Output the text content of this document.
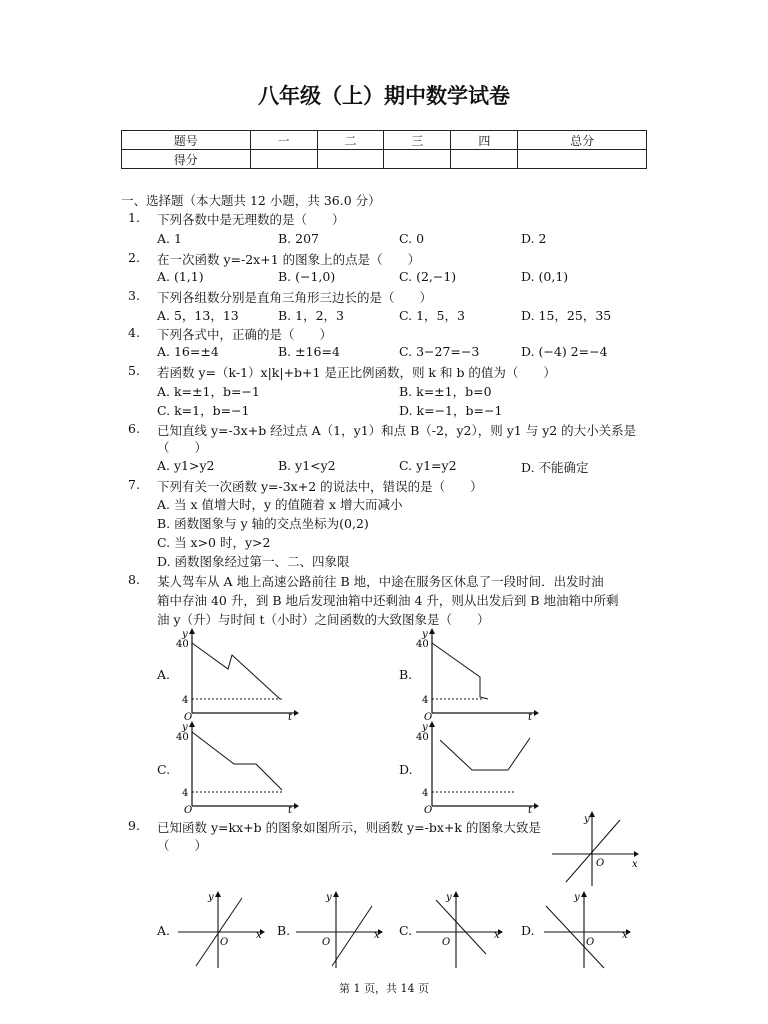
八年级（上）期中数学试卷
题号	一	二	三	四	总分
得分					
一、选择题（本大题共 12 小题，共 36.0 分）
1. 下列各数中是无理数的是（　　）
A. 1	B. 207	C. 0	D. 2
2. 在一次函数 y=-2x+1 的图象上的点是（　　）
A. (1,1)	B. (−1,0)	C. (2,−1)	D. (0,1)
3. 下列各组数分别是直角三角形三边长的是（　　）
A. 5，13，13	B. 1，2，3	C. 1，5，3	D. 15，25，35
4. 下列各式中，正确的是（　　）
A. 16=±4	B. ±16=4	C. 3−27=−3	D. (−4) 2=−4
5. 若函数 y=（k-1）x|k|+b+1 是正比例函数，则 k 和 b 的值为（　　）
A. k=±1，b=−1	B. k=±1，b=0
C. k=1，b=−1	D. k=−1，b=−1
6. 已知直线 y=-3x+b 经过点 A（1，y1）和点 B（-2，y2），则 y1 与 y2 的大小关系是
（　　）
A. y1>y2	B. y1<y2	C. y1=y2	D. 不能确定
7. 下列有关一次函数 y=-3x+2 的说法中，错误的是（　　）
A. 当 x 值增大时，y 的值随着 x 增大而减小
B. 函数图象与 y 轴的交点坐标为(0,2)
C. 当 x>0 时，y>2
D. 函数图象经过第一、二、四象限
8. 某人驾车从 A 地上高速公路前往 B 地，中途在服务区休息了一段时间．出发时油
箱中存油 40 升，到 B 地后发现油箱中还剩油 4 升，则从出发后到 B 地油箱中所剩
油 y（升）与时间 t（小时）之间函数的大致图象是（　　）
A.	B.
C.	D.
y
40
4
O	t
y
40
4
O	t
y
40
4
O	t
y
40
4
O	t
9. 已知函数 y=kx+b 的图象如图所示，则函数 y=-bx+k 的图象大致是
（　　）
y
x
O
A.	B.	C.	D.
y
x
O
y
x
O
y
x
O
y
x
O
第 1 页，共 14 页
